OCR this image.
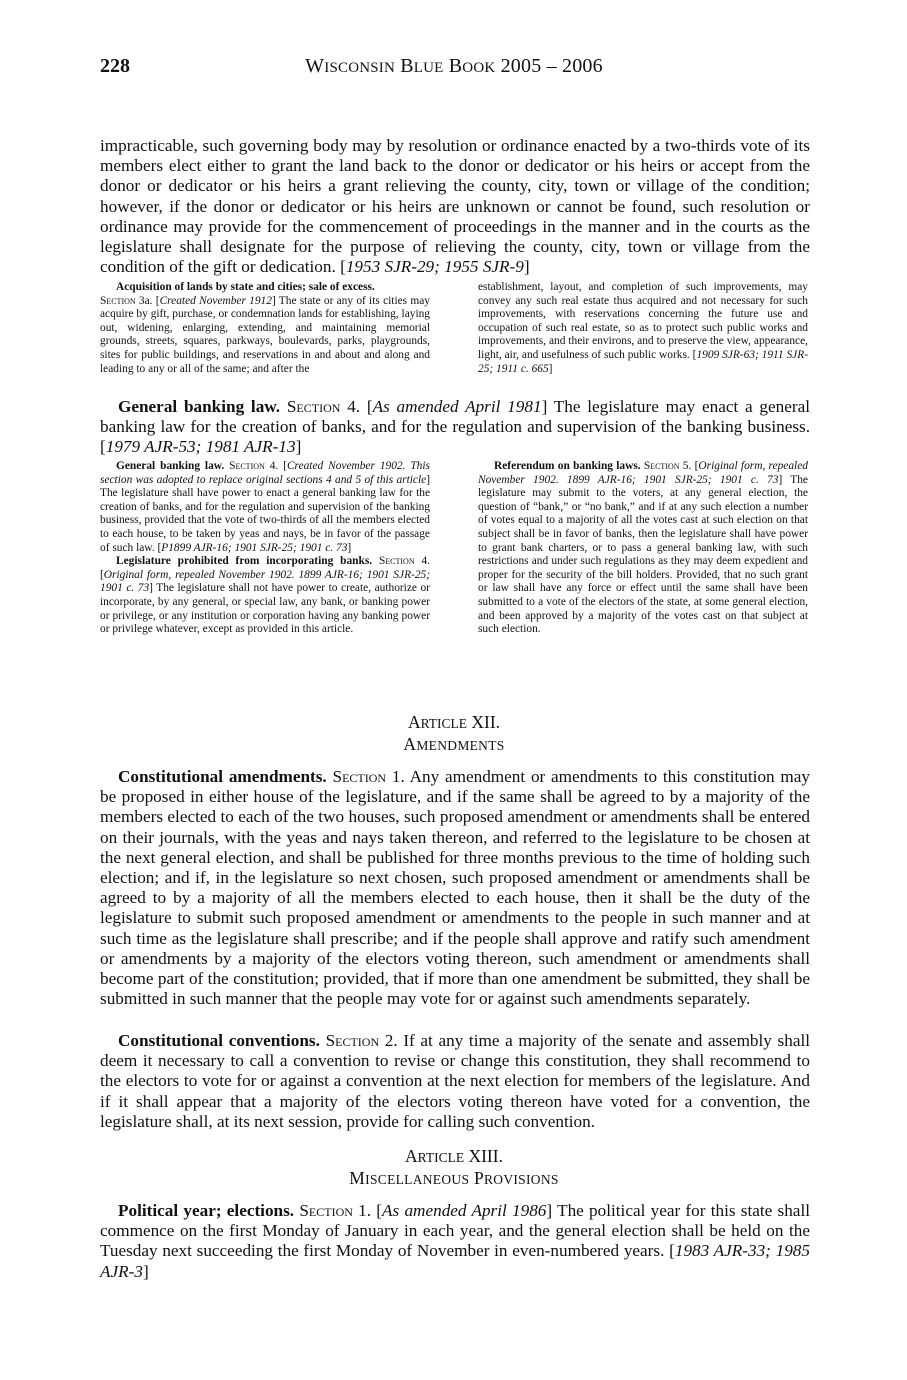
228	WISCONSIN BLUE BOOK 2005 – 2006

impracticable, such governing body may by resolution or ordinance enacted by a two-thirds vote of its members elect either to grant the land back to the donor or dedicator or his heirs or accept from the donor or dedicator or his heirs a grant relieving the county, city, town or village of the condition; however, if the donor or dedicator or his heirs are unknown or cannot be found, such resolution or ordinance may provide for the commencement of proceedings in the manner and in the courts as the legislature shall designate for the purpose of relieving the county, city, town or village from the condition of the gift or dedication. [1953 SJR-29; 1955 SJR-9]

Acquisition of lands by state and cities; sale of excess.
Section 3a. [Created November 1912] The state or any of its cities may acquire by gift, purchase, or condemnation lands for establishing, laying out, widening, enlarging, extending, and maintaining memorial grounds, streets, squares, parkways, boulevards, parks, playgrounds, sites for public buildings, and reservations in and about and along and leading to any or all of the same; and after the

establishment, layout, and completion of such improvements, may convey any such real estate thus acquired and not necessary for such improvements, with reservations concerning the future use and occupation of such real estate, so as to protect such public works and improvements, and their environs, and to preserve the view, appearance, light, air, and usefulness of such public works. [1909 SJR-63; 1911 SJR-25; 1911 c. 665]

General banking law. Section 4. [As amended April 1981] The legislature may enact a general banking law for the creation of banks, and for the regulation and supervision of the banking business. [1979 AJR-53; 1981 AJR-13]

General banking law. Section 4. [Created November 1902. This section was adopted to replace original sections 4 and 5 of this article] The legislature shall have power to enact a general banking law for the creation of banks, and for the regulation and supervision of the banking business, provided that the vote of two-thirds of all the members elected to each house, to be taken by yeas and nays, be in favor of the passage of such law. [P1899 AJR-16; 1901 SJR-25; 1901 c. 73]

Legislature prohibited from incorporating banks. Section 4. [Original form, repealed November 1902. 1899 AJR-16; 1901 SJR-25; 1901 c. 73] The legislature shall not have power to create, authorize or incorporate, by any general, or special law, any bank, or banking power or privilege, or any institution or corporation having any banking power or privilege whatever, except as provided in this article.

Referendum on banking laws. Section 5. [Original form, repealed November 1902. 1899 AJR-16; 1901 SJR-25; 1901 c. 73] The legislature may submit to the voters, at any general election, the question of “bank,” or “no bank,” and if at any such election a number of votes equal to a majority of all the votes cast at such election on that subject shall be in favor of banks, then the legislature shall have power to grant bank charters, or to pass a general banking law, with such restrictions and under such regulations as they may deem expedient and proper for the security of the bill holders. Provided, that no such grant or law shall have any force or effect until the same shall have been submitted to a vote of the electors of the state, at some general election, and been approved by a majority of the votes cast on that subject at such election.

ARTICLE XII.
AMENDMENTS

Constitutional amendments. Section 1. Any amendment or amendments to this constitution may be proposed in either house of the legislature, and if the same shall be agreed to by a majority of the members elected to each of the two houses, such proposed amendment or amendments shall be entered on their journals, with the yeas and nays taken thereon, and referred to the legislature to be chosen at the next general election, and shall be published for three months previous to the time of holding such election; and if, in the legislature so next chosen, such proposed amendment or amendments shall be agreed to by a majority of all the members elected to each house, then it shall be the duty of the legislature to submit such proposed amendment or amendments to the people in such manner and at such time as the legislature shall prescribe; and if the people shall approve and ratify such amendment or amendments by a majority of the electors voting thereon, such amendment or amendments shall become part of the constitution; provided, that if more than one amendment be submitted, they shall be submitted in such manner that the people may vote for or against such amendments separately.

Constitutional conventions. Section 2. If at any time a majority of the senate and assembly shall deem it necessary to call a convention to revise or change this constitution, they shall recommend to the electors to vote for or against a convention at the next election for members of the legislature. And if it shall appear that a majority of the electors voting thereon have voted for a convention, the legislature shall, at its next session, provide for calling such convention.

ARTICLE XIII.
MISCELLANEOUS PROVISIONS

Political year; elections. Section 1. [As amended April 1986] The political year for this state shall commence on the first Monday of January in each year, and the general election shall be held on the Tuesday next succeeding the first Monday of November in even-numbered years. [1983 AJR-33; 1985 AJR-3]
